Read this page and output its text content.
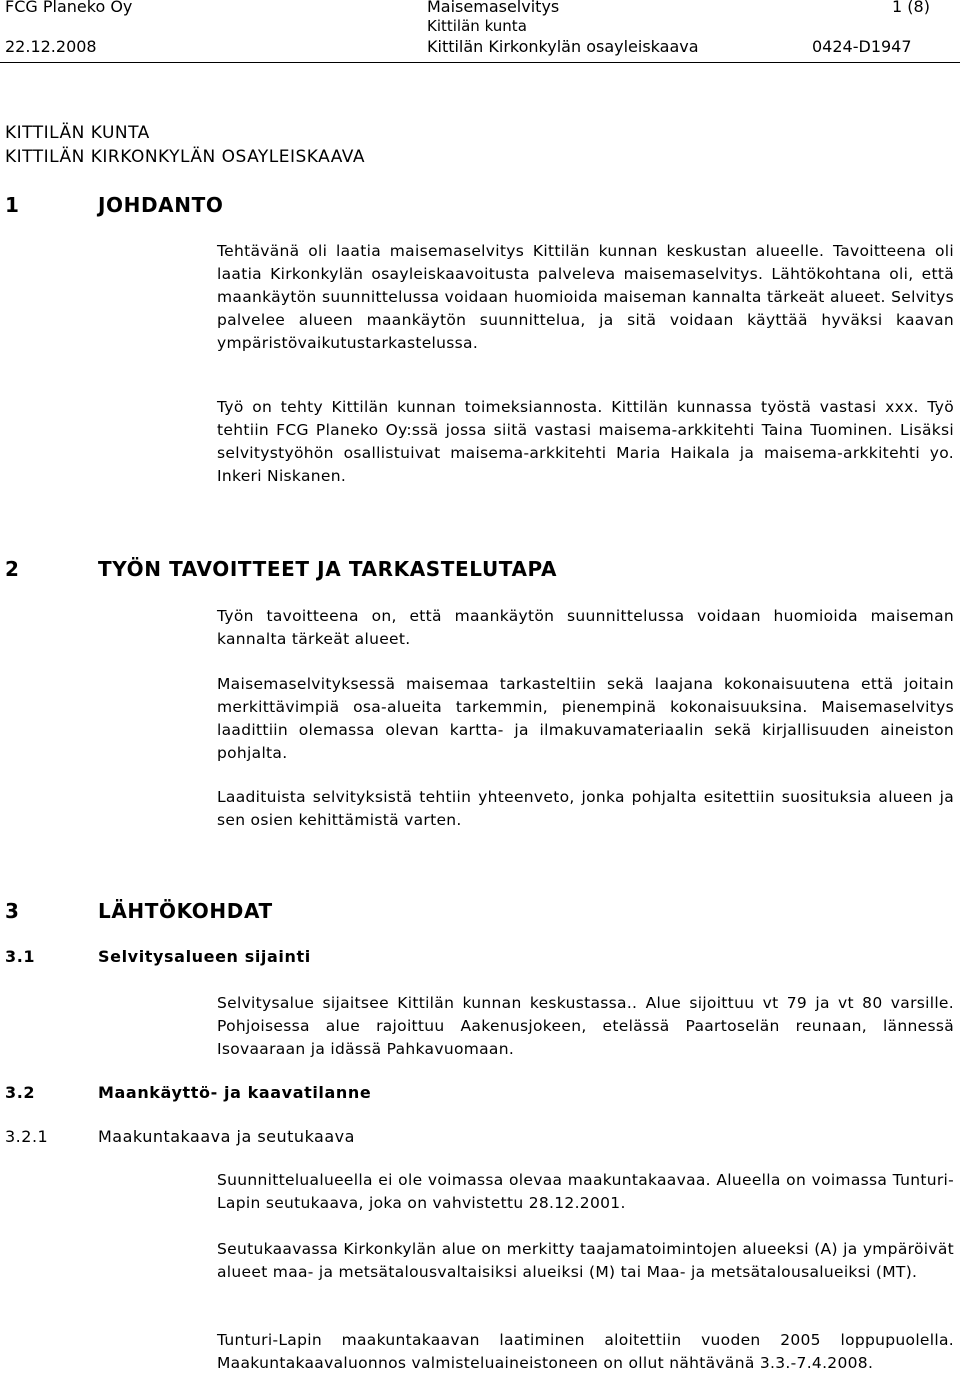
FCG Planeko Oy	Maisemaselvitys	1 (8)
Kittilän kunta
22.12.2008	Kittilän Kirkonkylän osayleiskaava	0424-D1947
KITTILÄN KUNTA
KITTILÄN KIRKONKYLÄN OSAYLEISKAAVA
1	JOHDANTO
Tehtävänä oli laatia maisemaselvitys Kittilän kunnan keskustan alueelle. Tavoitteena oli laatia Kirkonkylän osayleiskaavoitusta palveleva maisemaselvitys. Lähtökohtana oli, että maankäytön suunnittelussa voidaan huomioida maiseman kannalta tärkeät alueet. Selvitys palvelee alueen maankäytön suunnittelua, ja sitä voidaan käyttää hyväksi kaavan ympäristövaikutustarkastelussa.
Työ on tehty Kittilän kunnan toimeksiannosta. Kittilän kunnassa työstä vastasi xxx. Työ tehtiin FCG Planeko Oy:ssä jossa siitä vastasi maisema-arkkitehti Taina Tuominen. Lisäksi selvitystyöhön osallistuivat maisema-arkkitehti Maria Haikala ja maisema-arkkitehti yo. Inkeri Niskanen.
2	TYÖN TAVOITTEET JA TARKASTELUTAPA
Työn tavoitteena on, että maankäytön suunnittelussa voidaan huomioida maiseman kannalta tärkeät alueet.
Maisemaselvityksessä maisemaa tarkasteltiin sekä laajana kokonaisuutena että joitain merkittävimpiä osa-alueita tarkemmin, pienempinä kokonaisuuksina. Maisemaselvitys laadittiin olemassa olevan kartta- ja ilmakuvamateriaalin sekä kirjallisuuden aineiston pohjalta.
Laadituista selvityksistä tehtiin yhteenveto, jonka pohjalta esitettiin suosituksia alueen ja sen osien kehittämistä varten.
3	LÄHTÖKOHDAT
3.1	Selvitysalueen sijainti
Selvitysalue sijaitsee Kittilän kunnan keskustassa.. Alue sijoittuu vt 79 ja vt 80 varsille. Pohjoisessa alue rajoittuu Aakenusjokeen, etelässä Paartoselän reunaan, lännessä Isovaaraan ja idässä Pahkavuomaan.
3.2	Maankäyttö- ja kaavatilanne
3.2.1	Maakuntakaava ja seutukaava
Suunnittelualueella ei ole voimassa olevaa maakuntakaavaa. Alueella on voimassa Tunturi-Lapin seutukaava, joka on vahvistettu 28.12.2001.
Seutukaavassa Kirkonkylän alue on merkitty taajamatoimintojen alueeksi (A) ja ympäröivät alueet maa- ja metsätalousvaltaisiksi alueiksi (M) tai Maa- ja metsätalousalueiksi (MT).
Tunturi-Lapin maakuntakaavan laatiminen aloitettiin vuoden 2005 loppupuolella. Maakuntakaavaluonnos valmisteluaineistoneen on ollut nähtävänä 3.3.-7.4.2008.
